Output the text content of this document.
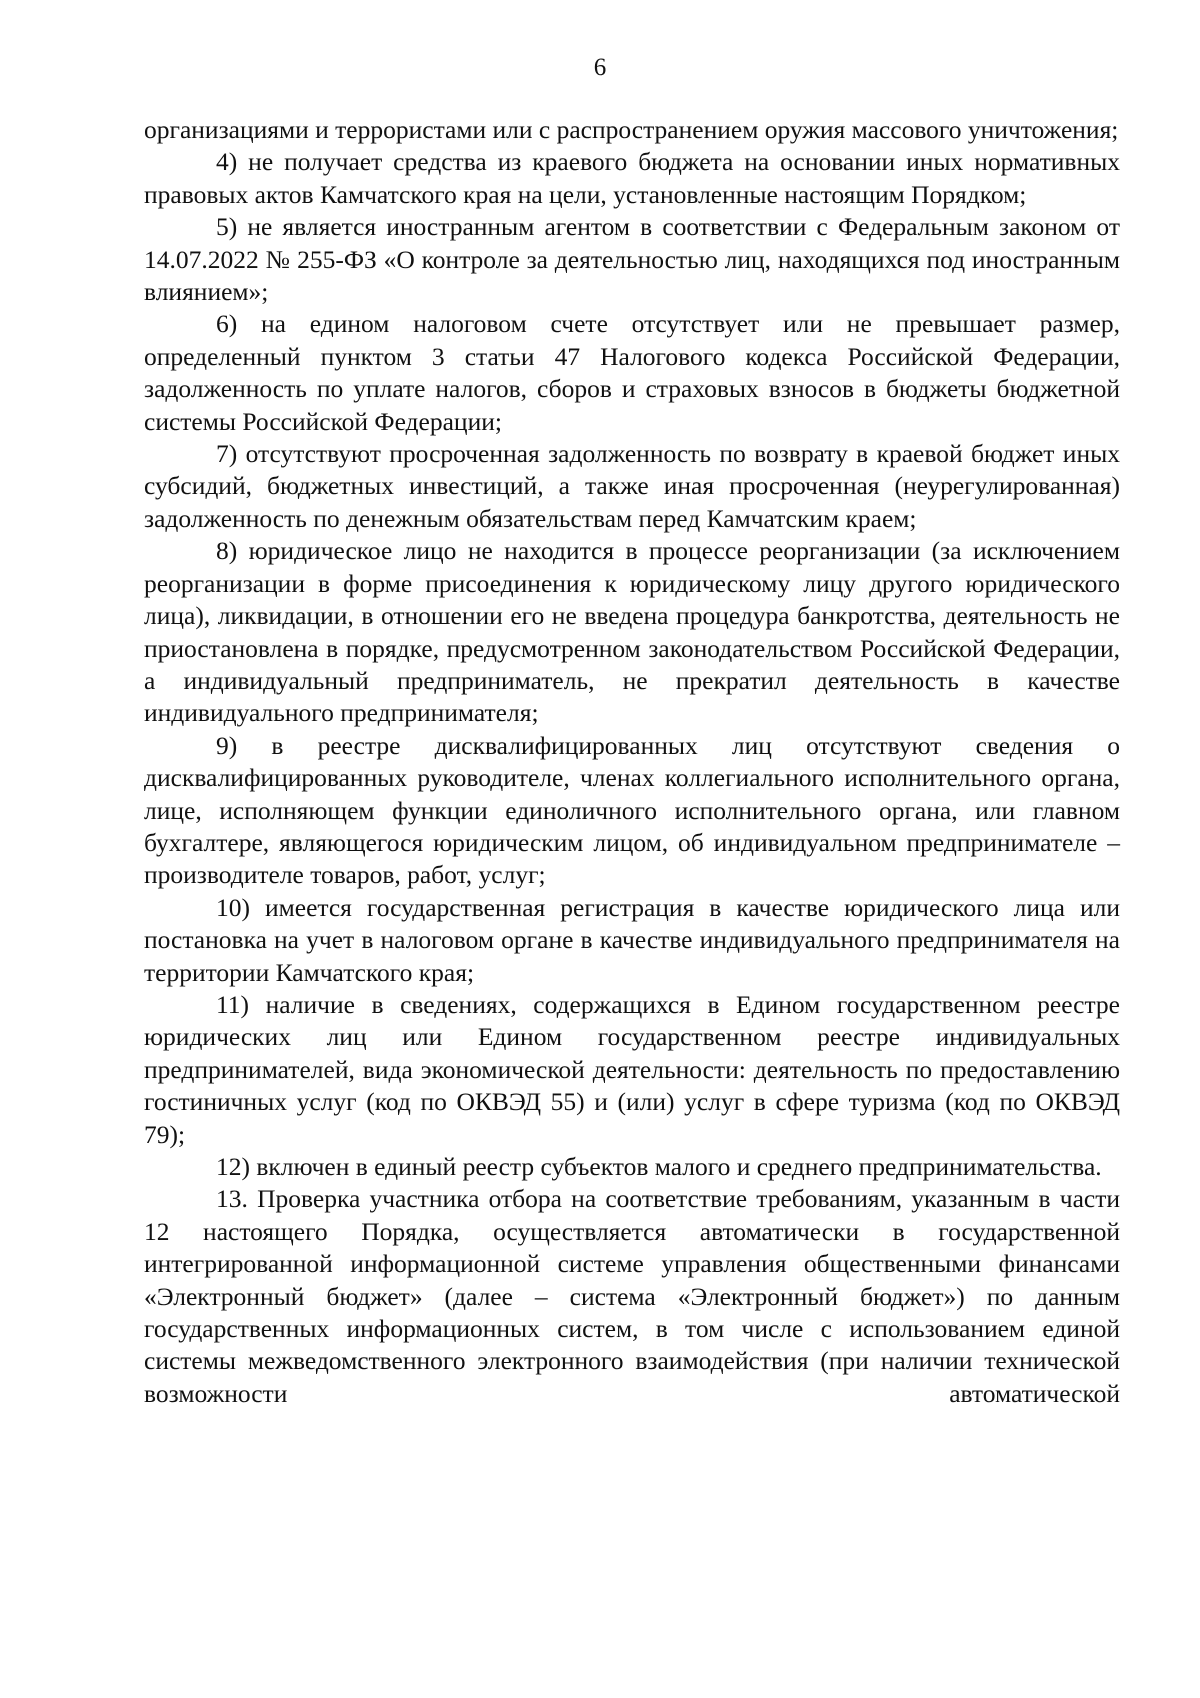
6

организациями и террористами или с распространением оружия массового уничтожения;

4) не получает средства из краевого бюджета на основании иных нормативных правовых актов Камчатского края на цели, установленные настоящим Порядком;

5) не является иностранным агентом в соответствии с Федеральным законом от 14.07.2022 № 255-ФЗ «О контроле за деятельностью лиц, находящихся под иностранным влиянием»;

6) на едином налоговом счете отсутствует или не превышает размер, определенный пунктом 3 статьи 47 Налогового кодекса Российской Федерации, задолженность по уплате налогов, сборов и страховых взносов в бюджеты бюджетной системы Российской Федерации;

7) отсутствуют просроченная задолженность по возврату в краевой бюджет иных субсидий, бюджетных инвестиций, а также иная просроченная (неурегулированная) задолженность по денежным обязательствам перед Камчатским краем;

8) юридическое лицо не находится в процессе реорганизации (за исключением реорганизации в форме присоединения к юридическому лицу другого юридического лица), ликвидации, в отношении его не введена процедура банкротства, деятельность не приостановлена в порядке, предусмотренном законодательством Российской Федерации, а индивидуальный предприниматель, не прекратил деятельность в качестве индивидуального предпринимателя;

9) в реестре дисквалифицированных лиц отсутствуют сведения о дисквалифицированных руководителе, членах коллегиального исполнительного органа, лице, исполняющем функции единоличного исполнительного органа, или главном бухгалтере, являющегося юридическим лицом, об индивидуальном предпринимателе – производителе товаров, работ, услуг;

10) имеется государственная регистрация в качестве юридического лица или постановка на учет в налоговом органе в качестве индивидуального предпринимателя на территории Камчатского края;

11) наличие в сведениях, содержащихся в Едином государственном реестре юридических лиц или Едином государственном реестре индивидуальных предпринимателей, вида экономической деятельности: деятельность по предоставлению гостиничных услуг (код по ОКВЭД 55) и (или) услуг в сфере туризма (код по ОКВЭД 79);

12) включен в единый реестр субъектов малого и среднего предпринимательства.

13. Проверка участника отбора на соответствие требованиям, указанным в части 12 настоящего Порядка, осуществляется автоматически в государственной интегрированной информационной системе управления общественными финансами «Электронный бюджет» (далее – система «Электронный бюджет») по данным государственных информационных систем, в том числе с использованием единой системы межведомственного электронного взаимодействия (при наличии технической возможности автоматической
